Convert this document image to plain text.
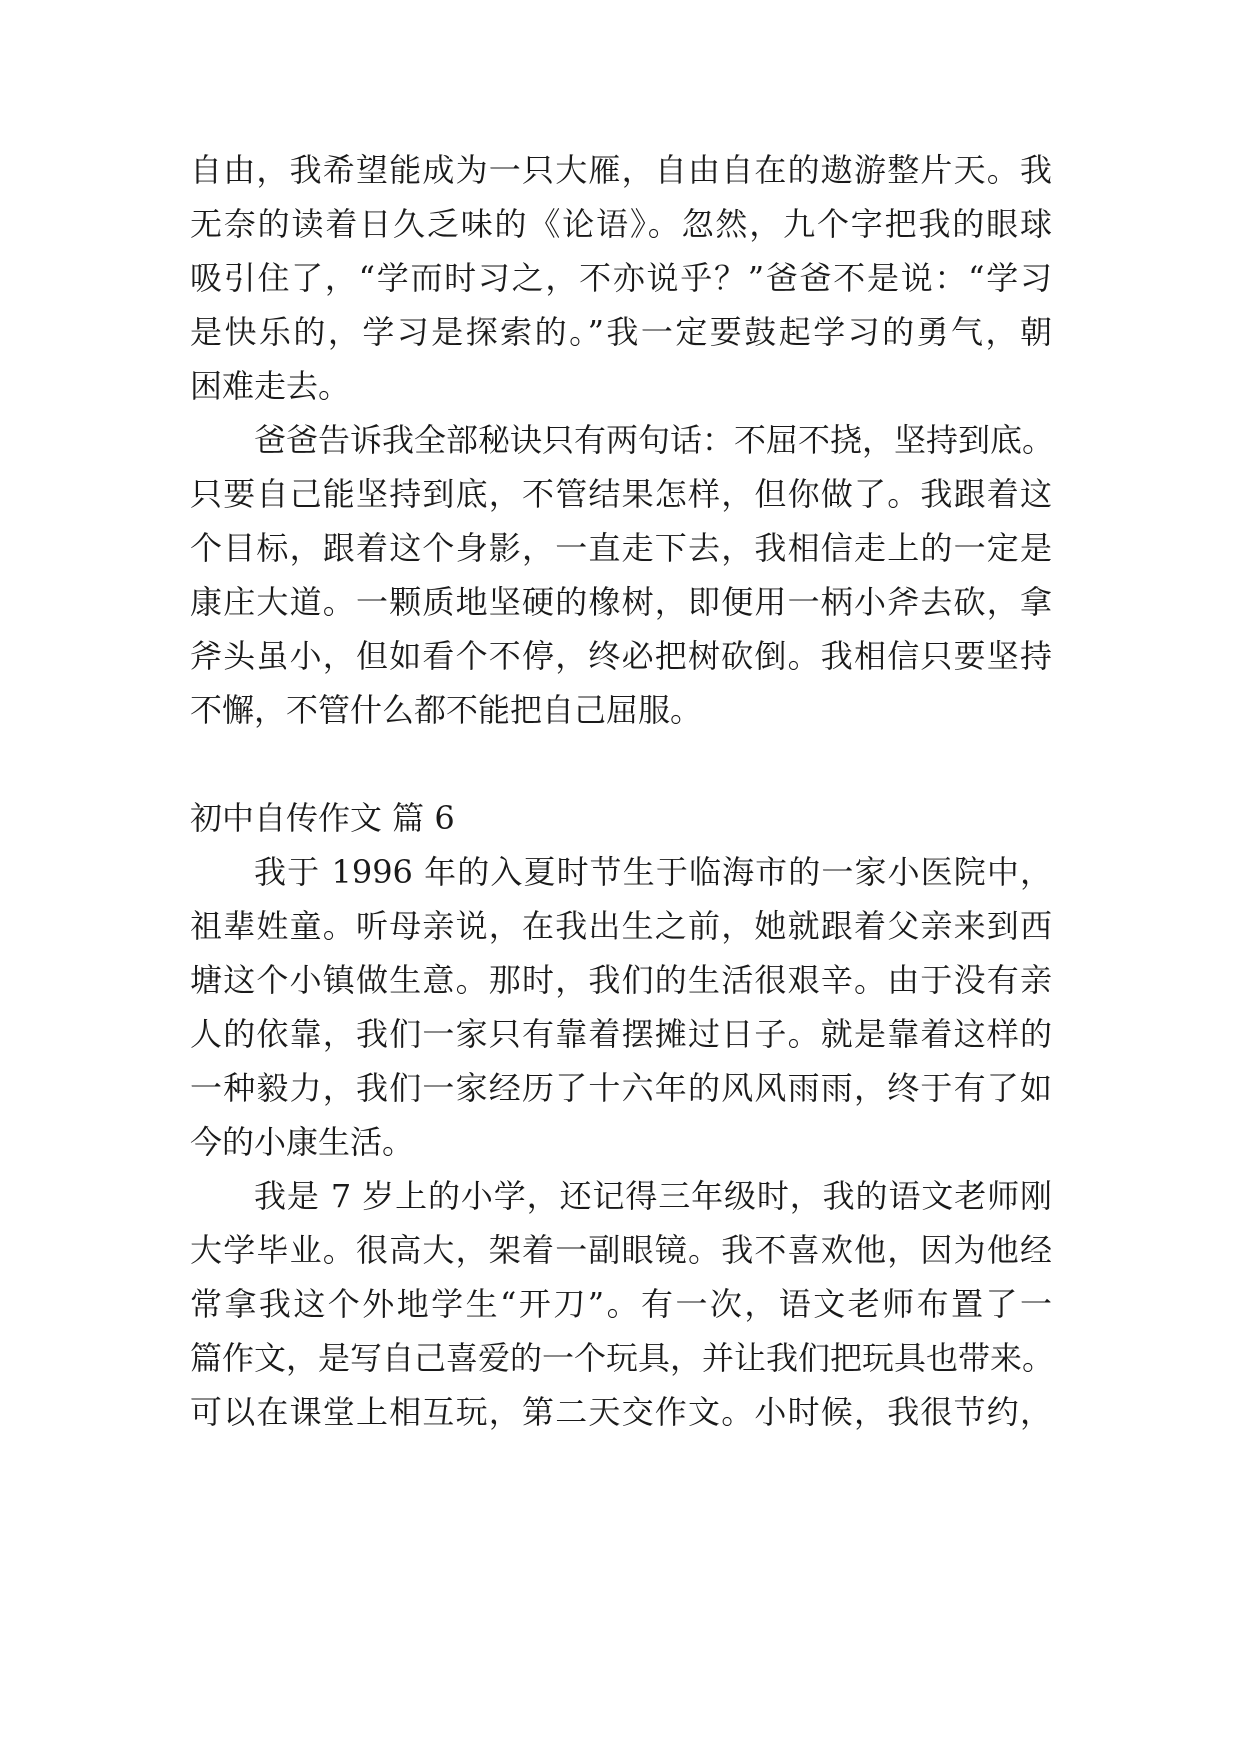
自由，我希望能成为一只大雁，自由自在的遨游整片天。我
无奈的读着日久乏味的《论语》。忽然，九个字把我的眼球
吸引住了，“学而时习之，不亦说乎？”爸爸不是说：“学习
是快乐的，学习是探索的。”我一定要鼓起学习的勇气，朝
困难走去。
爸爸告诉我全部秘诀只有两句话：不屈不挠，坚持到底。
只要自己能坚持到底，不管结果怎样，但你做了。我跟着这
个目标，跟着这个身影，一直走下去，我相信走上的一定是
康庄大道。一颗质地坚硬的橡树，即便用一柄小斧去砍，拿
斧头虽小，但如看个不停，终必把树砍倒。我相信只要坚持
不懈，不管什么都不能把自己屈服。
初中自传作文 篇 6
我于 1996 年的入夏时节生于临海市的一家小医院中，
祖辈姓童。听母亲说，在我出生之前，她就跟着父亲来到西
塘这个小镇做生意。那时，我们的生活很艰辛。由于没有亲
人的依靠，我们一家只有靠着摆摊过日子。就是靠着这样的
一种毅力，我们一家经历了十六年的风风雨雨，终于有了如
今的小康生活。
我是 7 岁上的小学，还记得三年级时，我的语文老师刚
大学毕业。很高大，架着一副眼镜。我不喜欢他，因为他经
常拿我这个外地学生“开刀”。有一次，语文老师布置了一
篇作文，是写自己喜爱的一个玩具，并让我们把玩具也带来。
可以在课堂上相互玩，第二天交作文。小时候，我很节约，
